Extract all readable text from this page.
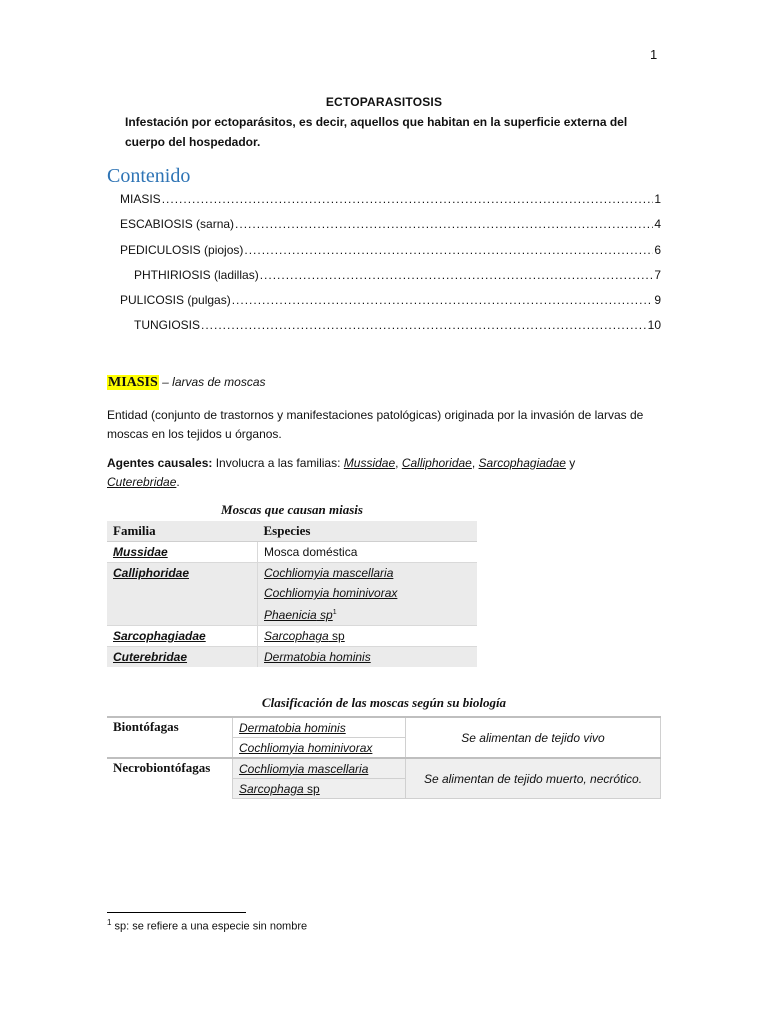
1
ECTOPARASITOSIS
Infestación por ectoparásitos, es decir, aquellos que habitan en la superficie externa del cuerpo del hospedador.
Contenido
MIASIS .....	1
ESCABIOSIS (sarna) .....	4
PEDICULOSIS (piojos) .....	6
PHTHIRIOSIS (ladillas) .....	7
PULICOSIS (pulgas) .....	9
TUNGIOSIS .....	10
MIASIS – larvas de moscas
Entidad (conjunto de trastornos y manifestaciones patológicas) originada por la invasión de larvas de moscas en los tejidos u órganos.
Agentes causales: Involucra a las familias: Mussidae, Calliphoridae, Sarcophagiadae y
Cuterebridae.
Moscas que causan miasis
Familia	Especies
Mussidae	Mosca doméstica
Calliphoridae	Cochliomyia mascellaria
Cochliomyia hominivorax
Phaenicia $sp^1$

Sarcophagiadae	Sarcophaga sp
Cuterebridae	Dermatobia hominis
Clasificación de las moscas según su biología
Biontófagas	Dermatobia hominis	Se alimentan de tejido vivo
	Cochliomyia hominivorax	
Necrobiontófagas	Cochliomyia mascellaria	Se alimentan de tejido muerto, necrótico.
	Sarcophaga sp	
$^1$ sp: se refiere a una especie sin nombre
